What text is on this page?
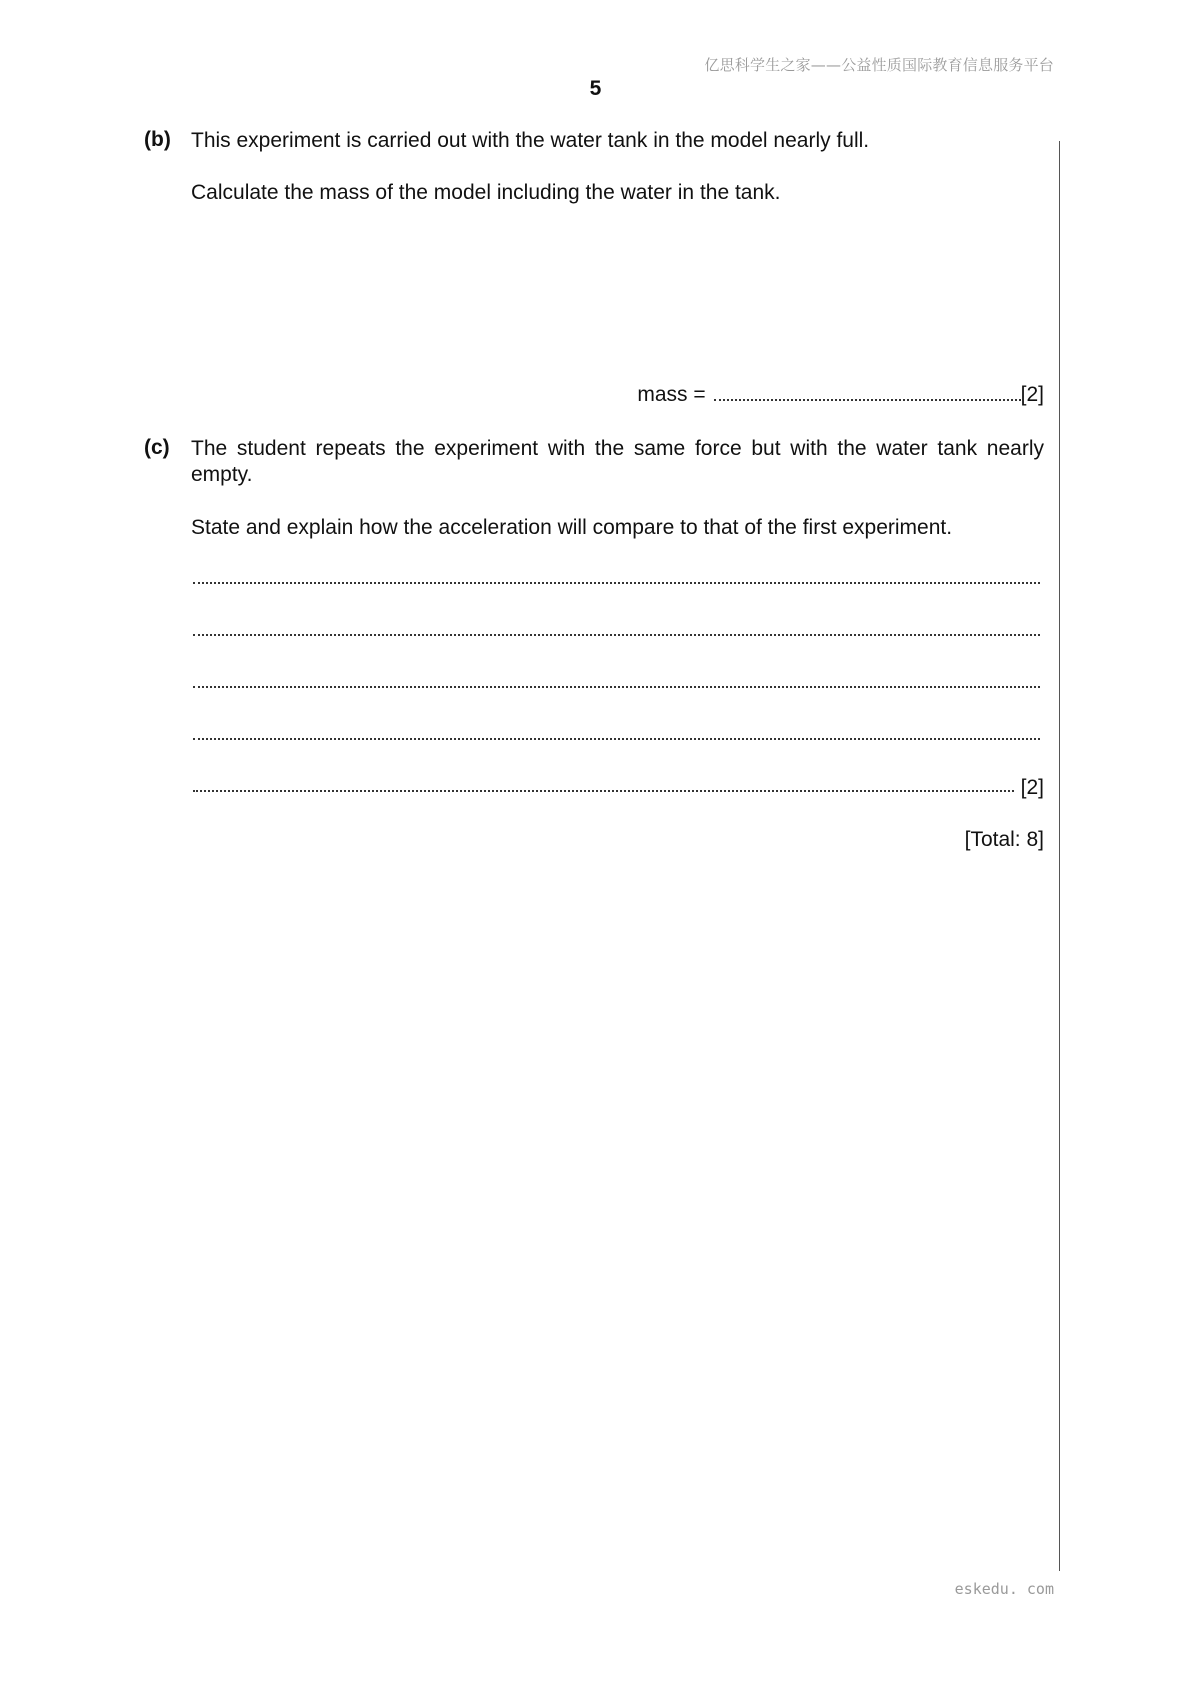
亿思科学生之家——公益性质国际教育信息服务平台
5
(b) This experiment is carried out with the water tank in the model nearly full.
Calculate the mass of the model including the water in the tank.
mass =	[2]
(c) The student repeats the experiment with the same force but with the water tank nearly empty.
State and explain how the acceleration will compare to that of the first experiment.
[2]
[Total: 8]
eskedu. com
